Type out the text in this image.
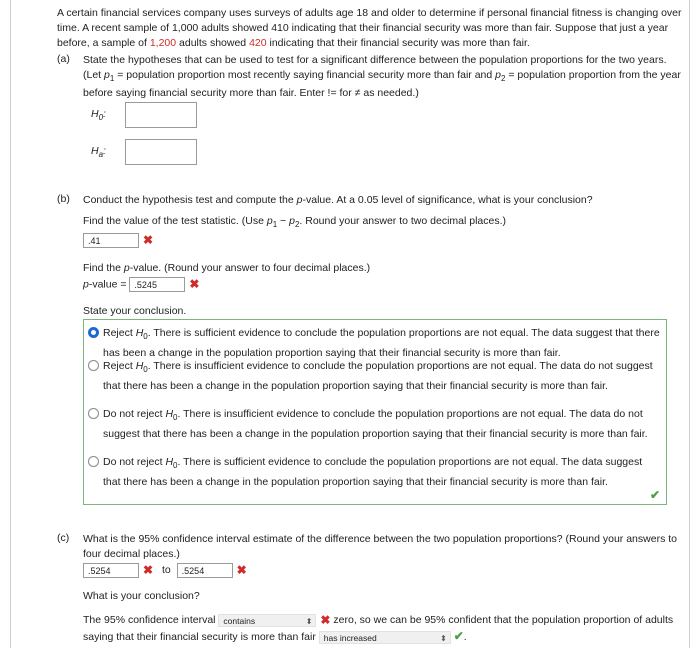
A certain financial services company uses surveys of adults age 18 and older to determine if personal financial fitness is changing over time. A recent sample of 1,000 adults showed 410 indicating that their financial security was more than fair. Suppose that just a year before, a sample of 1,200 adults showed 420 indicating that their financial security was more than fair.
(a) State the hypotheses that can be used to test for a significant difference between the population proportions for the two years. (Let $p_1$ = population proportion most recently saying financial security more than fair and $p_2$ = population proportion from the year before saying financial security more than fair. Enter != for ≠ as needed.)
$H_0$:
$H_a$:
(b) Conduct the hypothesis test and compute the p-value. At a 0.05 level of significance, what is your conclusion?
Find the value of the test statistic. (Use $p_1 - p_2$. Round your answer to two decimal places.)
.41	✖
Find the p-value. (Round your answer to four decimal places.)
p-value = .5245	✖
State your conclusion.
Reject $H_0$. There is sufficient evidence to conclude the population proportions are not equal. The data suggest that there has been a change in the population proportion saying that their financial security is more than fair.
Reject $H_0$. There is insufficient evidence to conclude the population proportions are not equal. The data do not suggest that there has been a change in the population proportion saying that their financial security is more than fair.
Do not reject $H_0$. There is insufficient evidence to conclude the population proportions are not equal. The data do not suggest that there has been a change in the population proportion saying that their financial security is more than fair.
Do not reject $H_0$. There is sufficient evidence to conclude the population proportions are not equal. The data suggest that there has been a change in the population proportion saying that their financial security is more than fair.
✔
(c) What is the 95% confidence interval estimate of the difference between the two population proportions? (Round your answers to four decimal places.)
.5254	✖ to .5254	✖
What is your conclusion?
The 95% confidence interval contains	⬍ ✖ zero, so we can be 95% confident that the population proportion of adults saying that their financial security is more than fair has increased	⬍ ✔.
